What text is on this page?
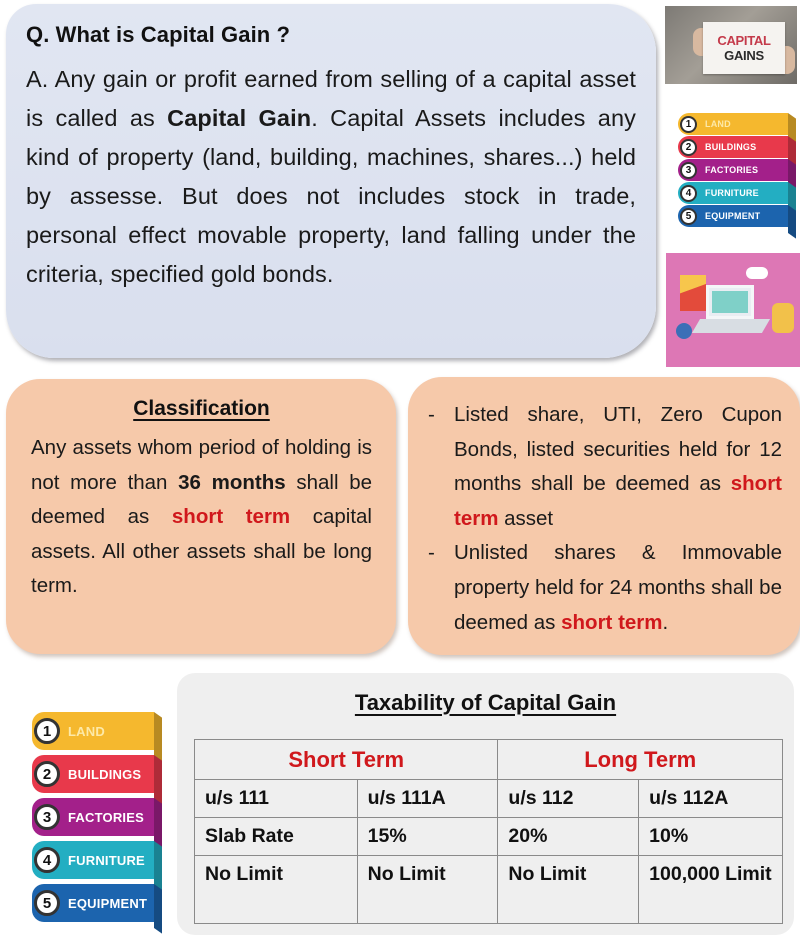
Q. What is Capital Gain ?
A. Any gain or profit earned from selling of a capital asset is called as Capital Gain. Capital Assets includes any kind of property (land, building, machines, shares...) held by assesse. But does not includes stock in trade, personal effect movable property, land falling under the criteria, specified gold bonds.
CAPITAL
GAINS
1	LAND
2	BUILDINGS
3	FACTORIES
4	FURNITURE
5	EQUIPMENT
Classification
Any assets whom period of holding is not more than 36 months shall be deemed as short term capital assets. All other assets shall be long term.
- Listed share, UTI, Zero Cupon Bonds, listed securities held for 12 months shall be deemed as short term asset
- Unlisted shares & Immovable property held for 24 months shall be deemed as short term.
1	LAND
2	BUILDINGS
3	FACTORIES
4	FURNITURE
5	EQUIPMENT
Taxability of Capital Gain
Short Term		Long Term	
u/s 111	u/s 111A	u/s 112	u/s 112A
Slab Rate	15%	20%	10%
No Limit	No Limit	No Limit	100,000 Limit
